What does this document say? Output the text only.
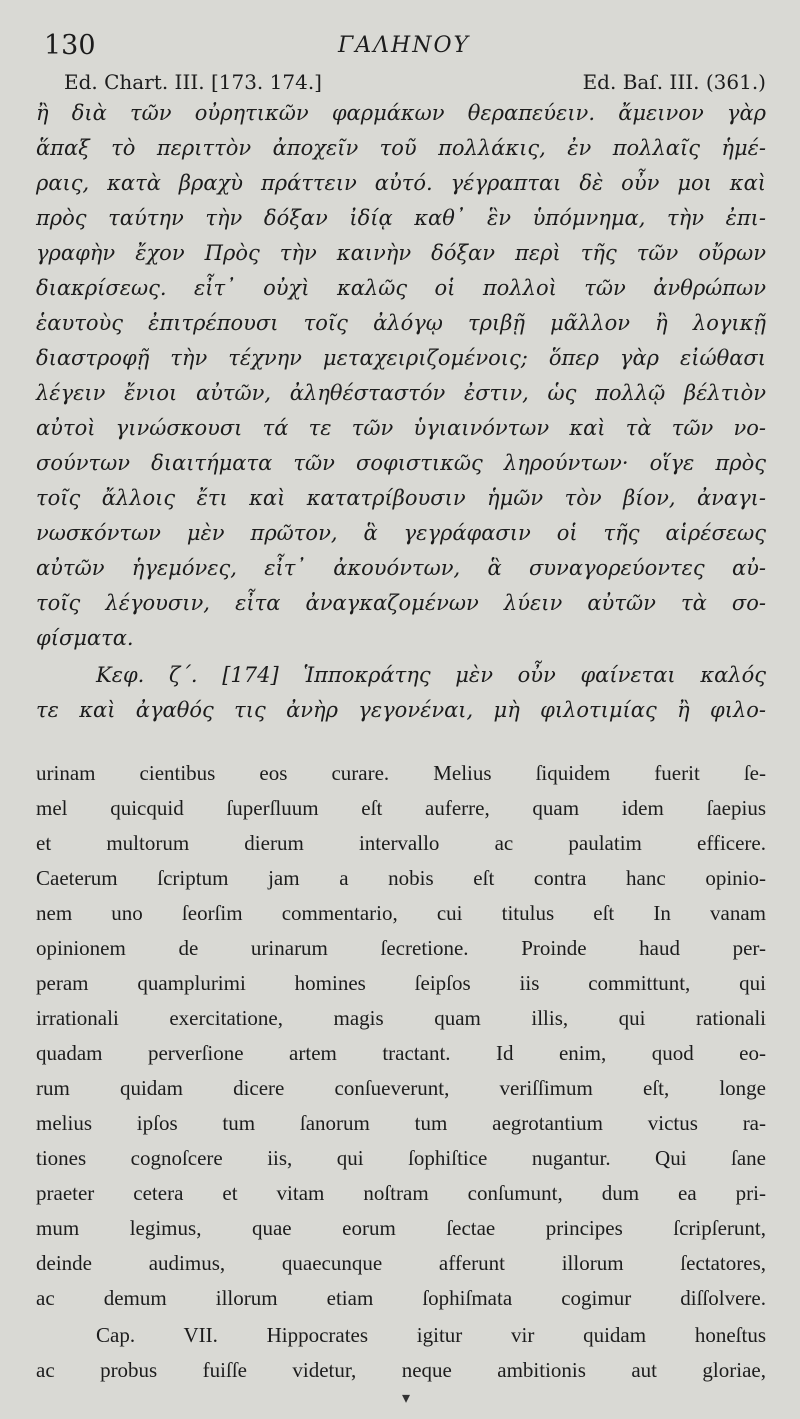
130	ΓΑΛΗΝΟΥ
Ed. Chart. III. [173. 174.]	Ed. Baſ. III. (361.)
ἢ διὰ τῶν οὐρητικῶν φαρμάκων θεραπεύειν. ἄμεινον γὰρ
ἅπαξ τὸ περιττὸν ἀποχεῖν τοῦ πολλάκις, ἐν πολλαῖς ἡμέ-
ραις, κατὰ βραχὺ πράττειν αὐτό. γέγραπται δὲ οὖν μοι καὶ
πρὸς ταύτην τὴν δόξαν ἰδίᾳ καθ᾽ ἓν ὑπόμνημα, τὴν ἐπι-
γραφὴν ἔχον Πρὸς τὴν καινὴν δόξαν περὶ τῆς τῶν οὔρων
διακρίσεως. εἶτ᾽ οὐχὶ καλῶς οἱ πολλοὶ τῶν ἀνθρώπων
ἑαυτοὺς ἐπιτρέπουσι τοῖς ἀλόγῳ τριβῇ μᾶλλον ἢ λογικῇ
διαστροφῇ τὴν τέχνην μεταχειριζομένοις; ὅπερ γὰρ εἰώθασι
λέγειν ἔνιοι αὐτῶν, ἀληθέσταστόν ἐστιν, ὡς πολλῷ βέλτιὸν
αὐτοὶ γινώσκουσι τά τε τῶν ὑγιαινόντων καὶ τὰ τῶν νο-
σούντων διαιτήματα τῶν σοφιστικῶς ληρούντων· οἵγε πρὸς
τοῖς ἄλλοις ἔτι καὶ κατατρίβουσιν ἡμῶν τὸν βίον, ἀναγι-
νωσκόντων μὲν πρῶτον, ἃ γεγράφασιν οἱ τῆς αἱρέσεως
αὐτῶν ἡγεμόνες, εἶτ᾽ ἀκουόντων, ἃ συναγορεύοντες αὐ-
τοῖς λέγουσιν, εἶτα ἀναγκαζομένων λύειν αὐτῶν τὰ σο-
φίσματα.
Κεφ. ζ΄. [174] Ἱπποκράτης μὲν οὖν φαίνεται καλός
τε καὶ ἀγαθός τις ἀνὴρ γεγονέναι, μὴ φιλοτιμίας ἢ φιλο-
urinam cientibus eos curare. Melius ſiquidem fuerit ſe-
mel quicquid ſuperſluum eſt auferre, quam idem ſaepius
et multorum dierum intervallo ac paulatim efficere.
Caeterum ſcriptum jam a nobis eſt contra hanc opinio-
nem uno ſeorſim commentario, cui titulus eſt In vanam
opinionem de urinarum ſecretione. Proinde haud per-
peram quamplurimi homines ſeipſos iis committunt, qui
irrationali exercitatione, magis quam illis, qui rationali
quadam perverſione artem tractant. Id enim, quod eo-
rum quidam dicere conſueverunt, veriſſimum eſt, longe
melius ipſos tum ſanorum tum aegrotantium victus ra-
tiones cognoſcere iis, qui ſophiſtice nugantur. Qui ſane
praeter cetera et vitam noſtram conſumunt, dum ea pri-
mum legimus, quae eorum ſectae principes ſcripſerunt,
deinde audimus, quaecunque afferunt illorum ſectatores,
ac demum illorum etiam ſophiſmata cogimur diſſolvere.
Cap. VII. Hippocrates igitur vir quidam honeſtus
ac probus fuiſſe videtur, neque ambitionis aut gloriae,
▾
